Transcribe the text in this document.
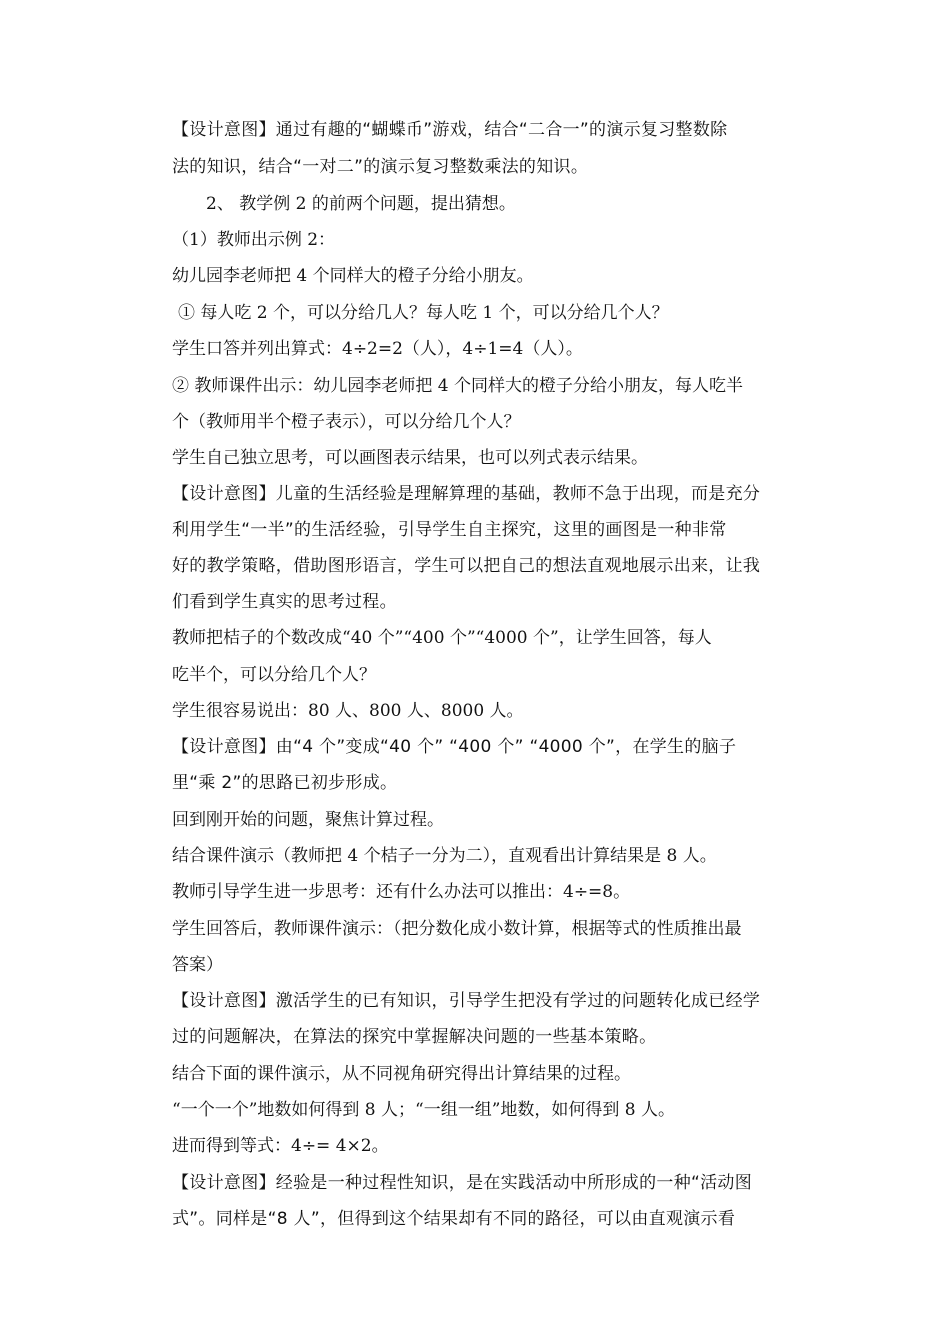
【设计意图】通过有趣的“蝴蝶币”游戏，结合“二合一”的演示复习整数除
法的知识，结合“一对二”的演示复习整数乘法的知识。
2、 教学例 2 的前两个问题，提出猜想。
（1）教师出示例 2：
幼儿园李老师把 4 个同样大的橙子分给小朋友。
① 每人吃 2 个，可以分给几人？每人吃 1 个，可以分给几个人？
学生口答并列出算式：4÷2=2（人），4÷1=4（人）。
② 教师课件出示：幼儿园李老师把 4 个同样大的橙子分给小朋友，每人吃半
个（教师用半个橙子表示），可以分给几个人？
学生自己独立思考，可以画图表示结果，也可以列式表示结果。
【设计意图】儿童的生活经验是理解算理的基础，教师不急于出现，而是充分
利用学生“一半”的生活经验，引导学生自主探究，这里的画图是一种非常
好的教学策略，借助图形语言，学生可以把自己的想法直观地展示出来，让我
们看到学生真实的思考过程。
教师把桔子的个数改成“40 个”“400 个”“4000 个”，让学生回答，每人
吃半个，可以分给几个人？
学生很容易说出：80 人、800 人、8000 人。
【设计意图】由“4 个”变成“40 个” “400 个” “4000 个”，在学生的脑子
里“乘 2”的思路已初步形成。
回到刚开始的问题，聚焦计算过程。
结合课件演示（教师把 4 个桔子一分为二），直观看出计算结果是 8 人。
教师引导学生进一步思考：还有什么办法可以推出：4÷=8。
学生回答后，教师课件演示：（把分数化成小数计算，根据等式的性质推出最
答案）
【设计意图】激活学生的已有知识，引导学生把没有学过的问题转化成已经学
过的问题解决，在算法的探究中掌握解决问题的一些基本策略。
结合下面的课件演示，从不同视角研究得出计算结果的过程。
“一个一个”地数如何得到 8 人；“一组一组”地数，如何得到 8 人。
进而得到等式：4÷= 4×2。
【设计意图】经验是一种过程性知识，是在实践活动中所形成的一种“活动图
式”。同样是“8 人”，但得到这个结果却有不同的路径，可以由直观演示看
